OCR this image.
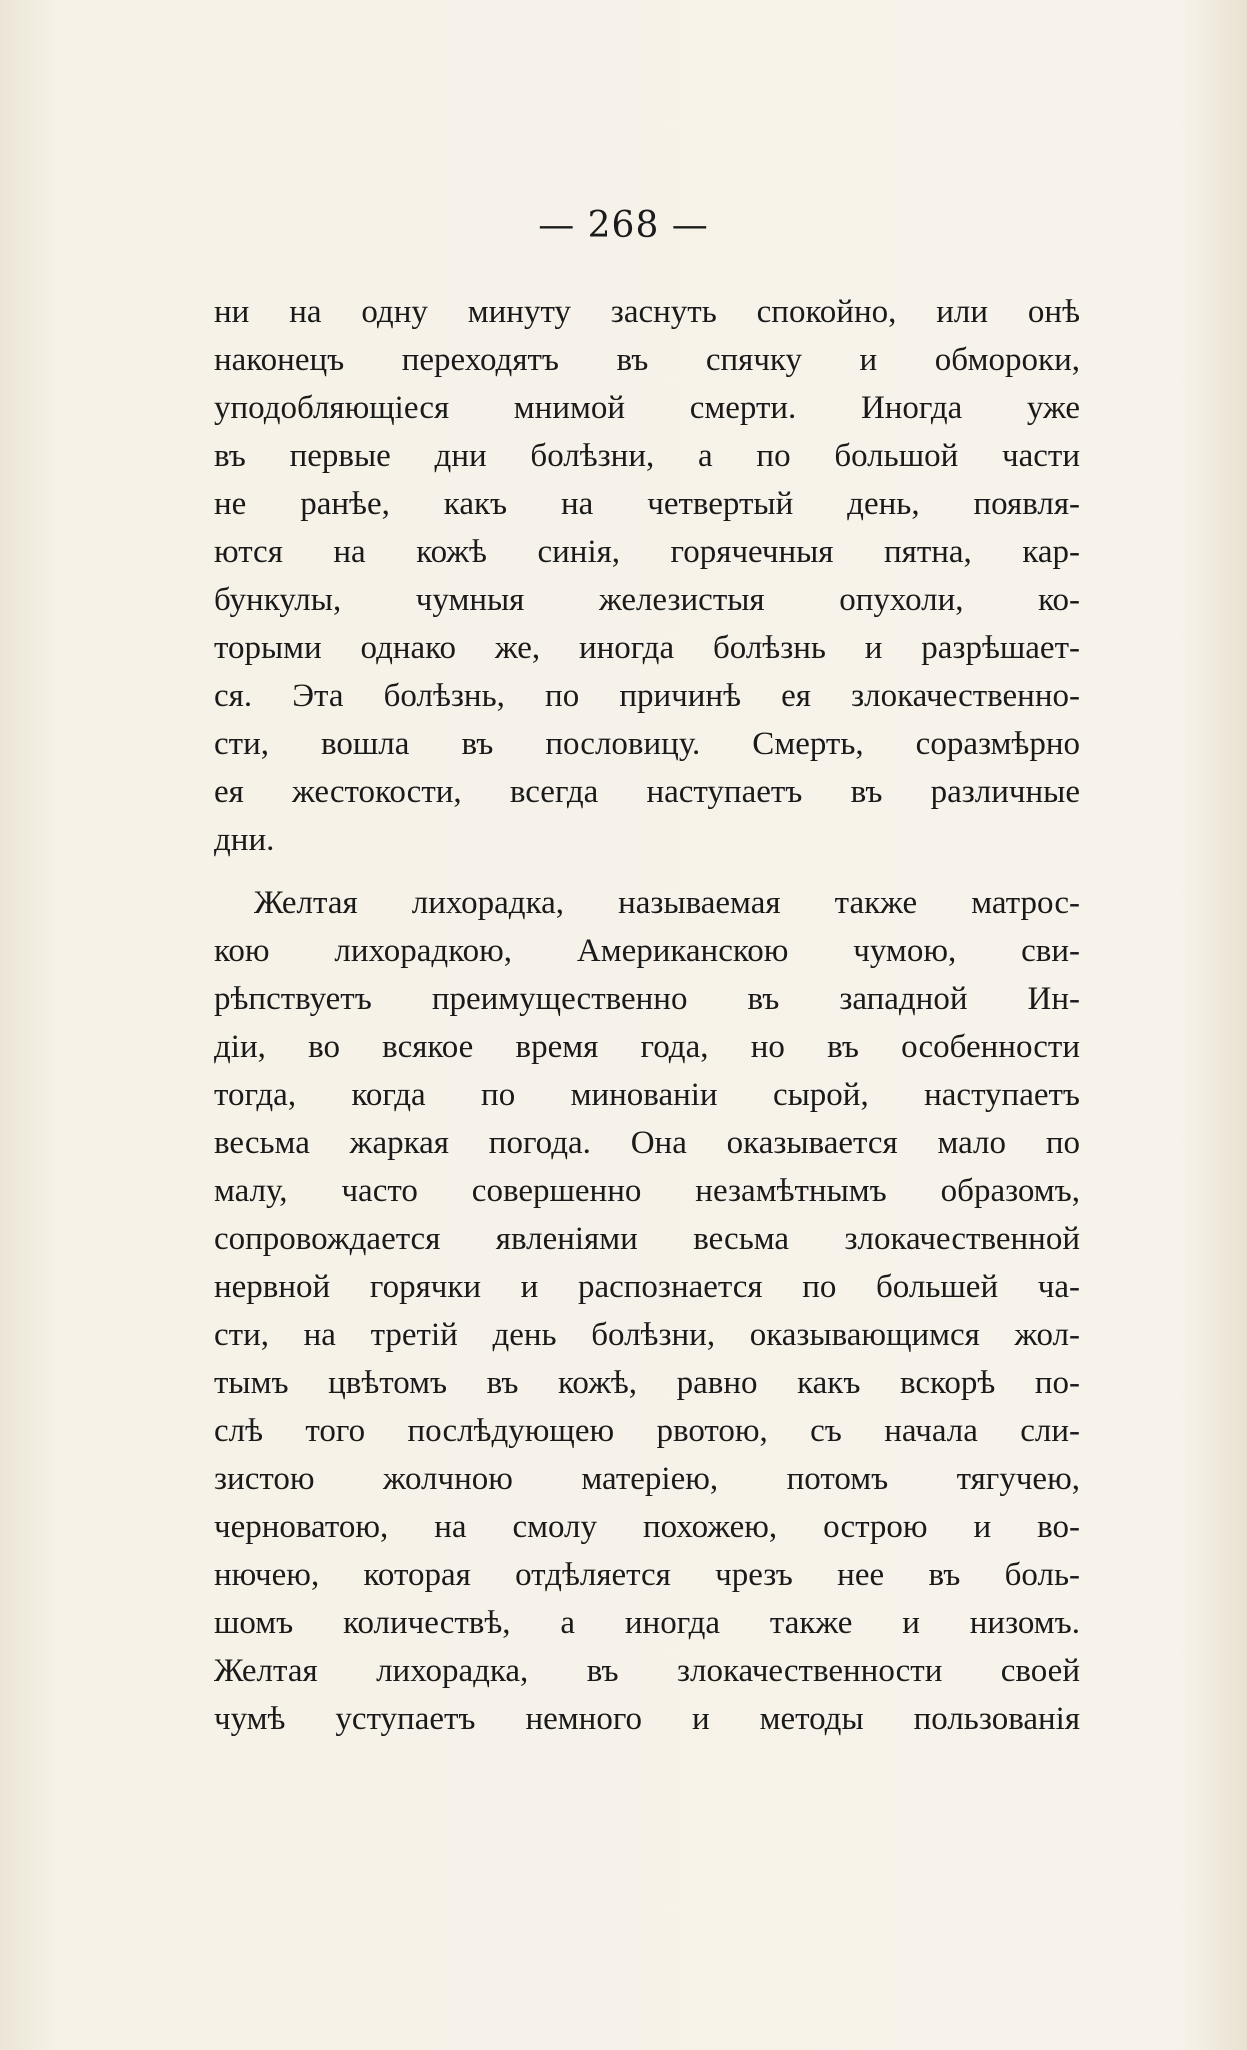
— 268 —
ни на одну минуту заснуть спокойно, или онѣ
наконецъ переходятъ въ спячку и обмороки,
уподобляющіеся мнимой смерти. Иногда уже
въ первые дни болѣзни, а по большой части
не ранѣе, какъ на четвертый день, появля-
ются на кожѣ синія, горячечныя пятна, кар-
бункулы, чумныя железистыя опухоли, ко-
торыми однако же, иногда болѣзнь и разрѣшает-
ся. Эта болѣзнь, по причинѣ ея злокачественно-
сти, вошла въ пословицу. Смерть, соразмѣрно
ея жестокости, всегда наступаетъ въ различные
дни.
Желтая лихорадка, называемая также матрос-
кою лихорадкою, Американскою чумою, сви-
рѣпствуетъ преимущественно въ западной Ин-
діи, во всякое время года, но въ особенности
тогда, когда по минованіи сырой, наступаетъ
весьма жаркая погода. Она оказывается мало по
малу, часто совершенно незамѣтнымъ образомъ,
сопровождается явленіями весьма злокачественной
нервной горячки и распознается по большей ча-
сти, на третій день болѣзни, оказывающимся жол-
тымъ цвѣтомъ въ кожѣ, равно какъ вскорѣ по-
слѣ того послѣдующею рвотою, съ начала сли-
зистою жолчною матеріею, потомъ тягучею,
черноватою, на смолу похожею, острою и во-
нючею, которая отдѣляется чрезъ нее въ боль-
шомъ количествѣ, а иногда также и низомъ.
Желтая лихорадка, въ злокачественности своей
чумѣ уступаетъ немного и методы пользованія
